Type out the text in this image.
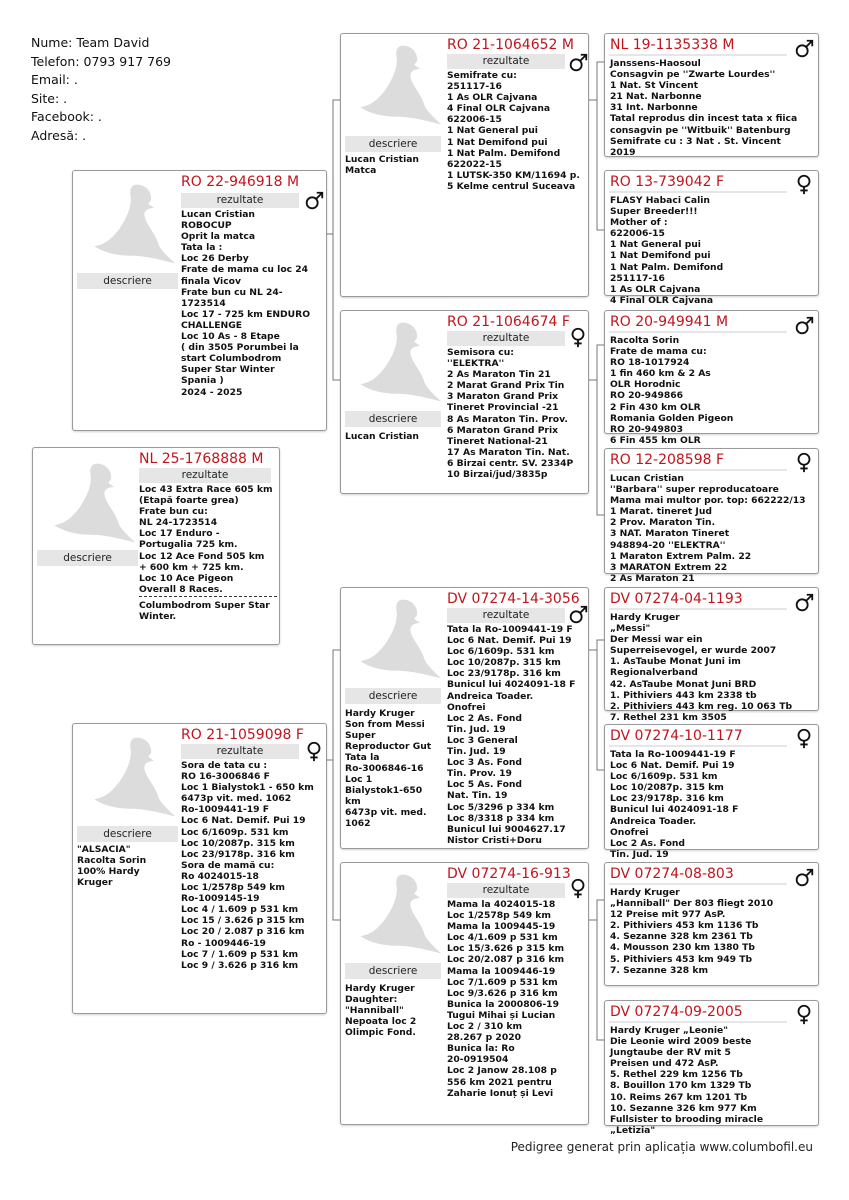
Nume: Team David
Telefon: 0793 917 769
Email: .
Site: .
Facebook: .
Adresă: .
descriere
NL 25-1768888 M
rezultate
Loc 43 Extra Race 605 km
(Etapă foarte grea)
Frate bun cu:
NL 24-1723514
Loc 17 Enduro -
Portugalia 725 km.
Loc 12 Ace Fond 505 km
+ 600 km + 725 km.
Loc 10 Ace Pigeon
Overall 8 Races.
Columbodrom Super Star
Winter.
descriere
RO 22-946918 M
rezultate
Lucan Cristian
ROBOCUP
Oprit la matca
Tata la :
Loc 26 Derby
Frate de mama cu loc 24
finala Vicov
Frate bun cu NL 24-
1723514
Loc 17 - 725 km ENDURO
CHALLENGE
Loc 10 As - 8 Etape
( din 3505 Porumbei la
start Columbodrom
Super Star Winter
Spania )
2024 - 2025
descriere
"ALSACIA"
Racolta Sorin
100% Hardy
Kruger
RO 21-1059098 F
rezultate
Sora de tata cu :
RO 16-3006846 F
Loc 1 Bialystok1 - 650 km
6473p vit. med. 1062
Ro-1009441-19 F
Loc 6 Nat. Demif. Pui 19
Loc 6/1609p. 531 km
Loc 10/2087p. 315 km
Loc 23/9178p. 316 km
Sora de mamă cu:
Ro 4024015-18
Loc 1/2578p 549 km
Ro-1009145-19
Loc 4 / 1.609 p 531 km
Loc 15 / 3.626 p 315 km
Loc 20 / 2.087 p 316 km
Ro - 1009446-19
Loc 7 / 1.609 p 531 km
Loc 9 / 3.626 p 316 km
descriere
Lucan Cristian
Matca
RO 21-1064652 M
rezultate
Semifrate cu:
251117-16
1 As OLR Cajvana
4 Final OLR Cajvana
622006-15
1 Nat General pui
1 Nat Demifond pui
1 Nat Palm. Demifond
622022-15
1 LUTSK-350 KM/11694 p.
5 Kelme centrul Suceava
descriere
Lucan Cristian
RO 21-1064674 F
rezultate
Semisora cu:
''ELEKTRA''
2 As Maraton Tin 21
2 Marat Grand Prix Tin
3 Maraton Grand Prix
Tineret Provincial -21
8 As Maraton Tin. Prov.
6 Maraton Grand Prix
Tineret National-21
17 As Maraton Tin. Nat.
6 Birzai centr. SV. 2334P
10 Birzai/jud/3835p
descriere
Hardy Kruger
Son from Messi
Super
Reproductor Gut
Tata la
Ro-3006846-16
Loc 1
Bialystok1-650
km
6473p vit. med.
1062
DV 07274-14-3056
rezultate
Tata la Ro-1009441-19 F
Loc 6 Nat. Demif. Pui 19
Loc 6/1609p. 531 km
Loc 10/2087p. 315 km
Loc 23/9178p. 316 km
Bunicul lui 4024091-18 F
Andreica Toader.
Onofrei
Loc 2 As. Fond
Tin. Jud. 19
Loc 3 General
Tin. Jud. 19
Loc 3 As. Fond
Tin. Prov. 19
Loc 5 As. Fond
Nat. Tin. 19
Loc 5/3296 p 334 km
Loc 8/3318 p 334 km
Bunicul lui 9004627.17
Nistor Cristi+Doru
descriere
Hardy Kruger
Daughter:
"Hanniball"
Nepoata loc 2
Olimpic Fond.
DV 07274-16-913
rezultate
Mama la 4024015-18
Loc 1/2578p 549 km
Mama la 1009445-19
Loc 4/1.609 p 531 km
Loc 15/3.626 p 315 km
Loc 20/2.087 p 316 km
Mama la 1009446-19
Loc 7/1.609 p 531 km
Loc 9/3.626 p 316 km
Bunica la 2000806-19
Tugui Mihai și Lucian
Loc 2 / 310 km
28.267 p 2020
Bunica la: Ro
20-0919504
Loc 2 Janow 28.108 p
556 km 2021 pentru
Zaharie Ionuț și Levi
NL 19-1135338 M
Janssens-Haosoul
Consagvin pe ''Zwarte Lourdes''
1 Nat. St Vincent
21 Nat. Narbonne
31 Int. Narbonne
Tatal reprodus din incest tata x fiica
consagvin pe ''Witbuik'' Batenburg
Semifrate cu : 3 Nat . St. Vincent
2019
RO 13-739042 F
FLASY Habaci Calin
Super Breeder!!!
Mother of :
622006-15
1 Nat General pui
1 Nat Demifond pui
1 Nat Palm. Demifond
251117-16
1 As OLR Cajvana
4 Final OLR Cajvana
RO 20-949941 M
Racolta Sorin
Frate de mama cu:
RO 18-1017924
1 fin 460 km & 2 As
OLR Horodnic
RO 20-949866
2 Fin 430 km OLR
Romania Golden Pigeon
RO 20-949803
6 Fin 455 km OLR
RO 12-208598 F
Lucan Cristian
''Barbara'' super reproducatoare
Mama mai multor por. top: 662222/13
1 Marat. tineret Jud
2 Prov. Maraton Tin.
3 NAT. Maraton Tineret
948894-20 ''ELEKTRA''
1 Maraton Extrem Palm. 22
3 MARATON Extrem 22
2 As Maraton 21
DV 07274-04-1193
Hardy Kruger
„Messi"
Der Messi war ein
Superreisevogel, er wurde 2007
1. AsTaube Monat Juni im
Regionalverband
42. AsTaube Monat Juni BRD
1. Pithiviers 443 km 2338 tb
2. Pithiviers 443 km reg. 10 063 Tb
7. Rethel 231 km 3505
DV 07274-10-1177
Tata la Ro-1009441-19 F
Loc 6 Nat. Demif. Pui 19
Loc 6/1609p. 531 km
Loc 10/2087p. 315 km
Loc 23/9178p. 316 km
Bunicul lui 4024091-18 F
Andreica Toader.
Onofrei
Loc 2 As. Fond
Tin. Jud. 19
DV 07274-08-803
Hardy Kruger
„Hanniball" Der 803 fliegt 2010
12 Preise mit 977 AsP.
2. Pithiviers 453 km 1136 Tb
4. Sezanne 328 km 2361 Tb
4. Mousson 230 km 1380 Tb
5. Pithiviers 453 km 949 Tb
7. Sezanne 328 km
DV 07274-09-2005
Hardy Kruger „Leonie"
Die Leonie wird 2009 beste
Jungtaube der RV mit 5
Preisen und 472 AsP.
5. Rethel 229 km 1256 Tb
8. Bouillon 170 km 1329 Tb
10. Reims 267 km 1201 Tb
10. Sezanne 326 km 977 Km
Fullsister to brooding miracle
„Letizia"
Pedigree generat prin aplicația www.columbofil.eu
